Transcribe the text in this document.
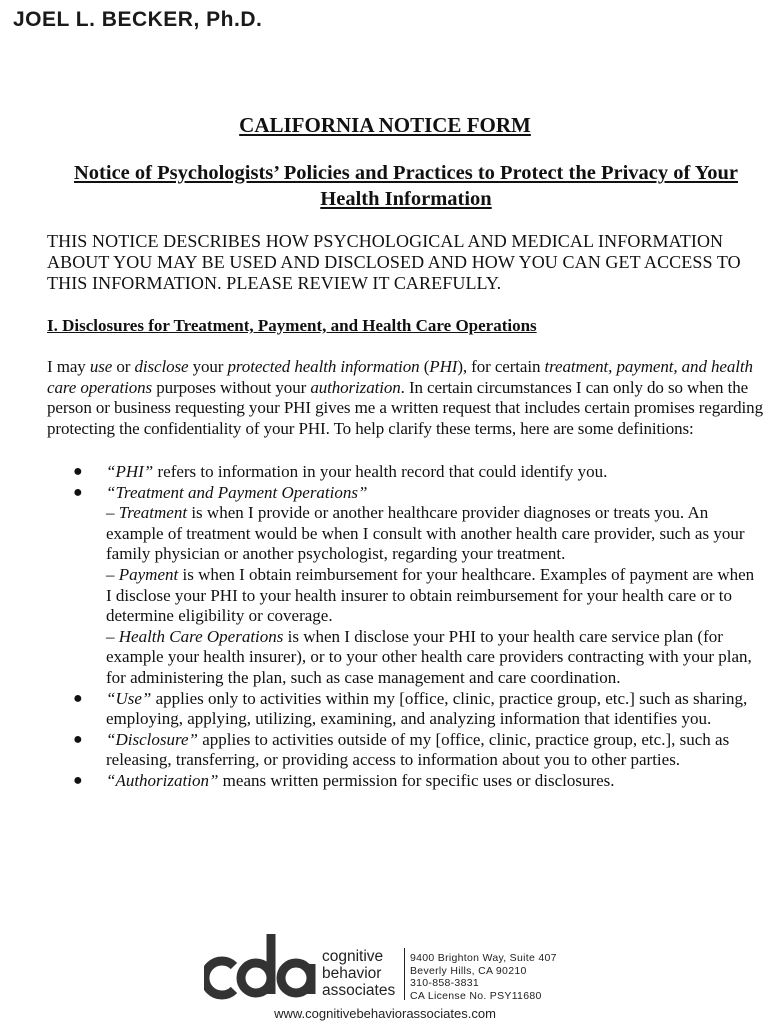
JOEL L. BECKER, Ph.D.
CALIFORNIA NOTICE FORM
Notice of Psychologists’ Policies and Practices to Protect the Privacy of Your Health Information
THIS NOTICE DESCRIBES HOW PSYCHOLOGICAL AND MEDICAL INFORMATION ABOUT YOU MAY BE USED AND DISCLOSED AND HOW YOU CAN GET ACCESS TO THIS INFORMATION. PLEASE REVIEW IT CAREFULLY.
I. Disclosures for Treatment, Payment, and Health Care Operations
I may use or disclose your protected health information (PHI), for certain treatment, payment, and health care operations purposes without your authorization. In certain circumstances I can only do so when the person or business requesting your PHI gives me a written request that includes certain promises regarding protecting the confidentiality of your PHI. To help clarify these terms, here are some definitions:
● “PHI” refers to information in your health record that could identify you.
● “Treatment and Payment Operations”
– Treatment is when I provide or another healthcare provider diagnoses or treats you. An example of treatment would be when I consult with another health care provider, such as your family physician or another psychologist, regarding your treatment.
– Payment is when I obtain reimbursement for your healthcare. Examples of payment are when I disclose your PHI to your health insurer to obtain reimbursement for your health care or to determine eligibility or coverage.
– Health Care Operations is when I disclose your PHI to your health care service plan (for example your health insurer), or to your other health care providers contracting with your plan, for administering the plan, such as case management and care coordination.
● “Use” applies only to activities within my [office, clinic, practice group, etc.] such as sharing, employing, applying, utilizing, examining, and analyzing information that identifies you.
● “Disclosure” applies to activities outside of my [office, clinic, practice group, etc.], such as releasing, transferring, or providing access to information about you to other parties.
● “Authorization” means written permission for specific uses or disclosures.
cognitive
behavior
associates
9400 Brighton Way, Suite 407
Beverly Hills, CA 90210
310-858-3831
CA License No. PSY11680
www.cognitivebehaviorassociates.com
